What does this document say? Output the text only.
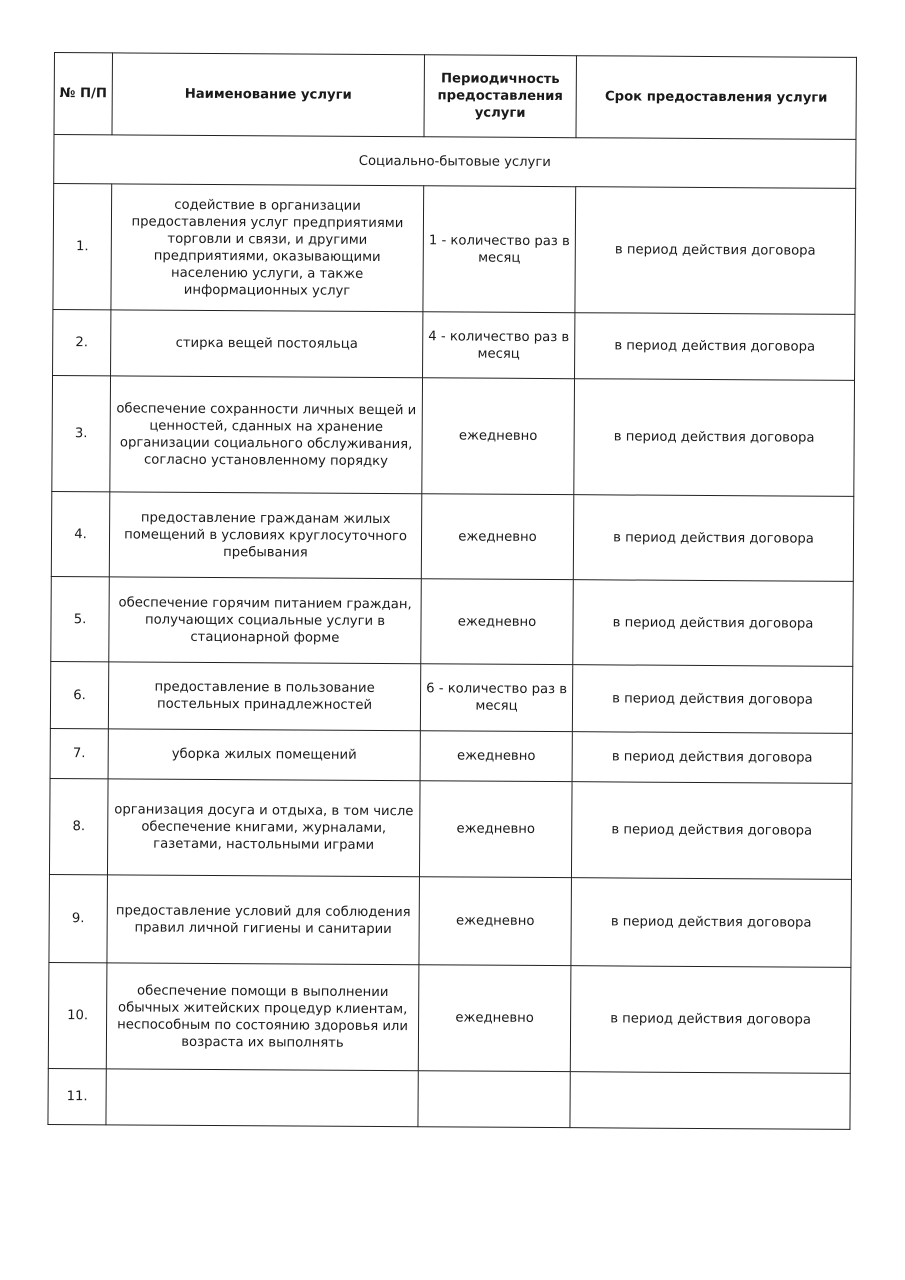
№ П/П	Наименование услуги	Периодичность предоставления услуги	Срок предоставления услуги
Социально-бытовые услуги			
1.	содействие в организации предоставления услуг предприятиями торговли и связи, и другими предприятиями, оказывающими населению услуги, а также информационных услуг	1 - количество раз в месяц	в период действия договора
2.	стирка вещей постояльца	4 - количество раз в месяц	в период действия договора
3.	обеспечение сохранности личных вещей и ценностей, сданных на хранение организации социального обслуживания, согласно установленному порядку	ежедневно	в период действия договора
4.	предоставление гражданам жилых помещений в условиях круглосуточного пребывания	ежедневно	в период действия договора
5.	обеспечение горячим питанием граждан, получающих социальные услуги в стационарной форме	ежедневно	в период действия договора
6.	предоставление в пользование постельных принадлежностей	6 - количество раз в месяц	в период действия договора
7.	уборка жилых помещений	ежедневно	в период действия договора
8.	организация досуга и отдыха, в том числе обеспечение книгами, журналами, газетами, настольными играми	ежедневно	в период действия договора
9.	предоставление условий для соблюдения правил личной гигиены и санитарии	ежедневно	в период действия договора
10.	обеспечение помощи в выполнении обычных житейских процедур клиентам, неспособным по состоянию здоровья или возраста их выполнять	ежедневно	в период действия договора
11.			
